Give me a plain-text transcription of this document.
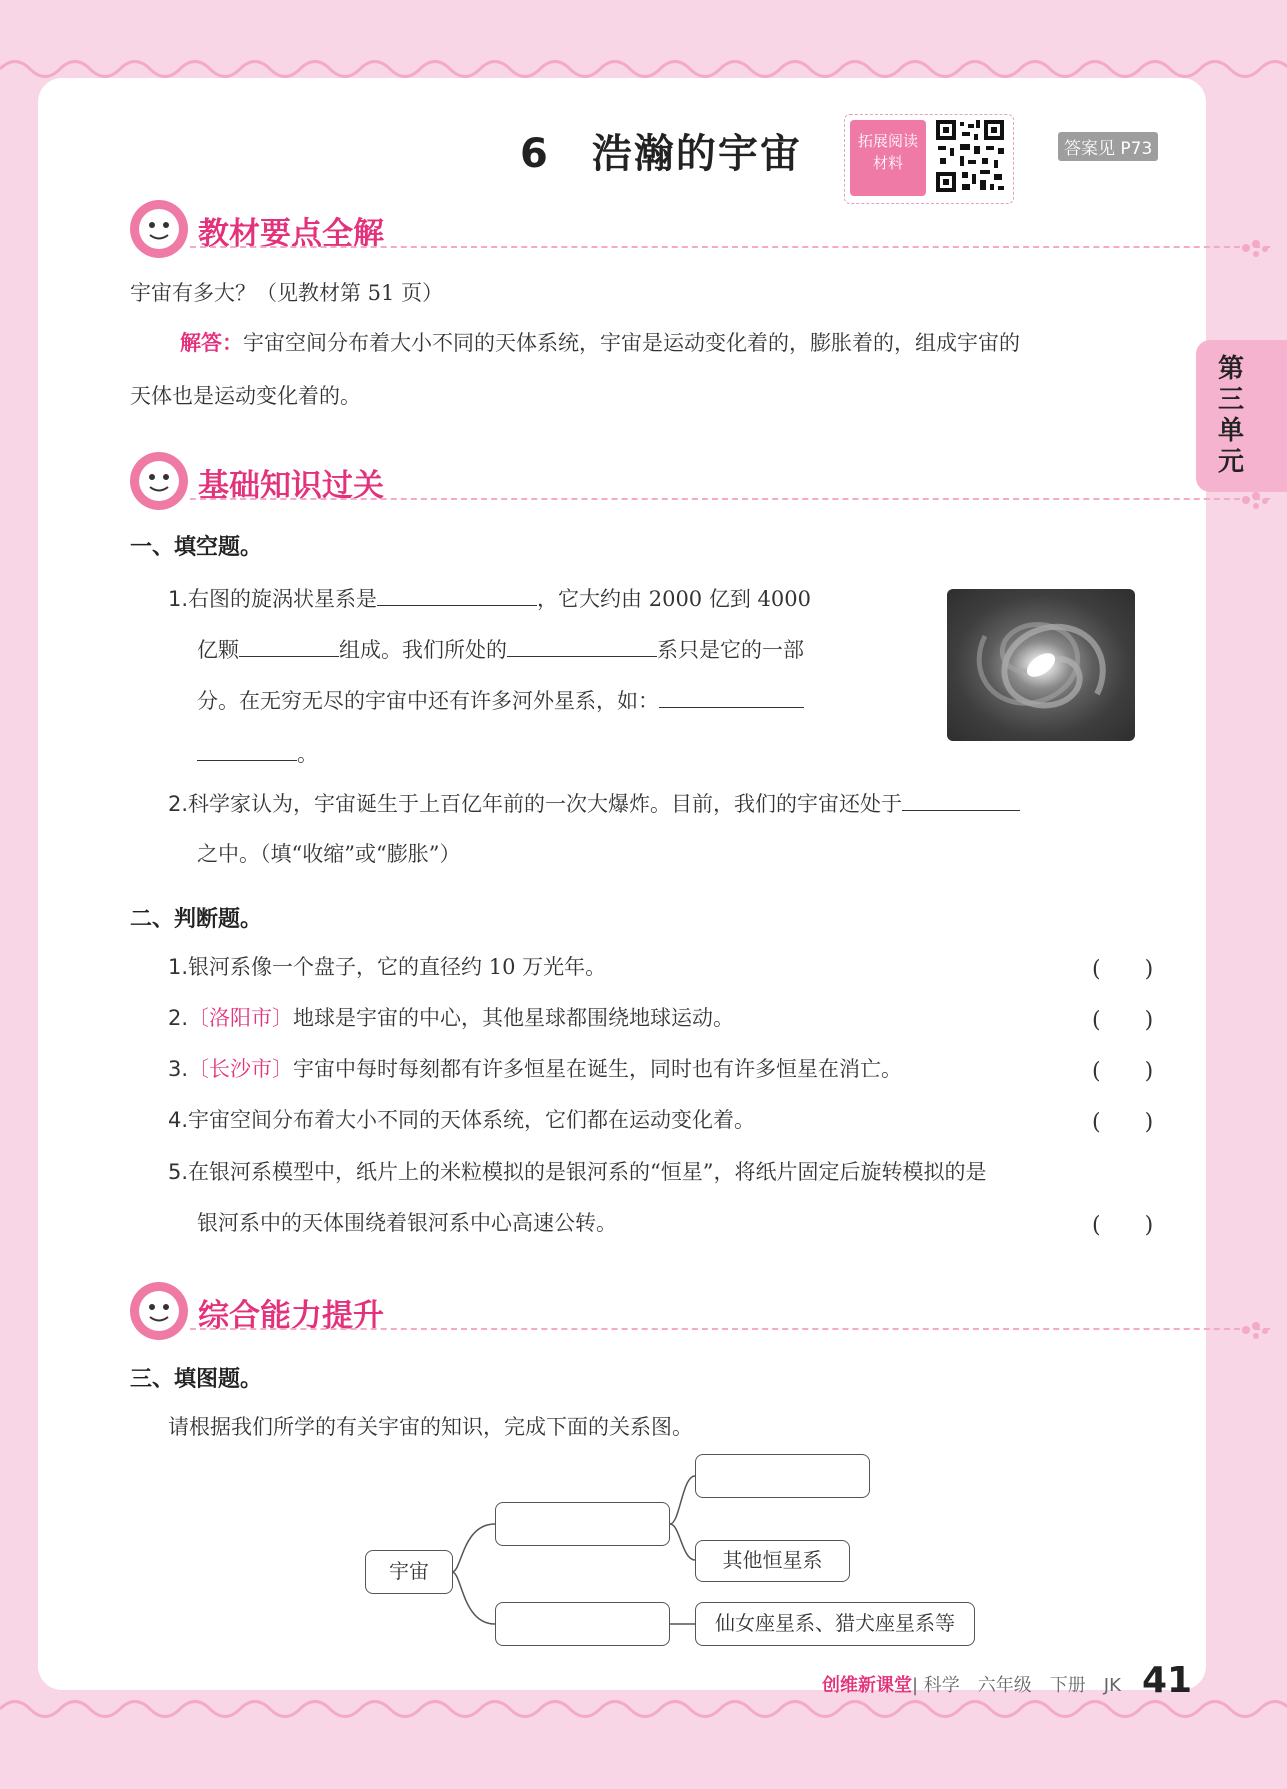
6　浩瀚的宇宙	拓展阅读
材料
答案见 P73
第三单元
教材要点全解
宇宙有多大？（见教材第 51 页）
解答：宇宙空间分布着大小不同的天体系统，宇宙是运动变化着的，膨胀着的，组成宇宙的
天体也是运动变化着的。
基础知识过关
一、填空题。
1.右图的旋涡状星系是	，它大约由 2000 亿到 4000
亿颗	组成。我们所处的	系只是它的一部
分。在无穷无尽的宇宙中还有许多河外星系，如：
。
2.科学家认为，宇宙诞生于上百亿年前的一次大爆炸。目前，我们的宇宙还处于
之中。（填“收缩”或“膨胀”）
二、判断题。
1.银河系像一个盘子，它的直径约 10 万光年。	(　　)
2.〔洛阳市〕地球是宇宙的中心，其他星球都围绕地球运动。	(　　)
3.〔长沙市〕宇宙中每时每刻都有许多恒星在诞生，同时也有许多恒星在消亡。	(　　)
4.宇宙空间分布着大小不同的天体系统，它们都在运动变化着。	(　　)
5.在银河系模型中，纸片上的米粒模拟的是银河系的“恒星”，将纸片固定后旋转模拟的是
银河系中的天体围绕着银河系中心高速公转。	(　　)
综合能力提升
三、填图题。
请根据我们所学的有关宇宙的知识，完成下面的关系图。
宇宙	其他恒星系
仙女座星系、猎犬座星系等
创维新课堂| 科学　六年级　下册　JK 41
